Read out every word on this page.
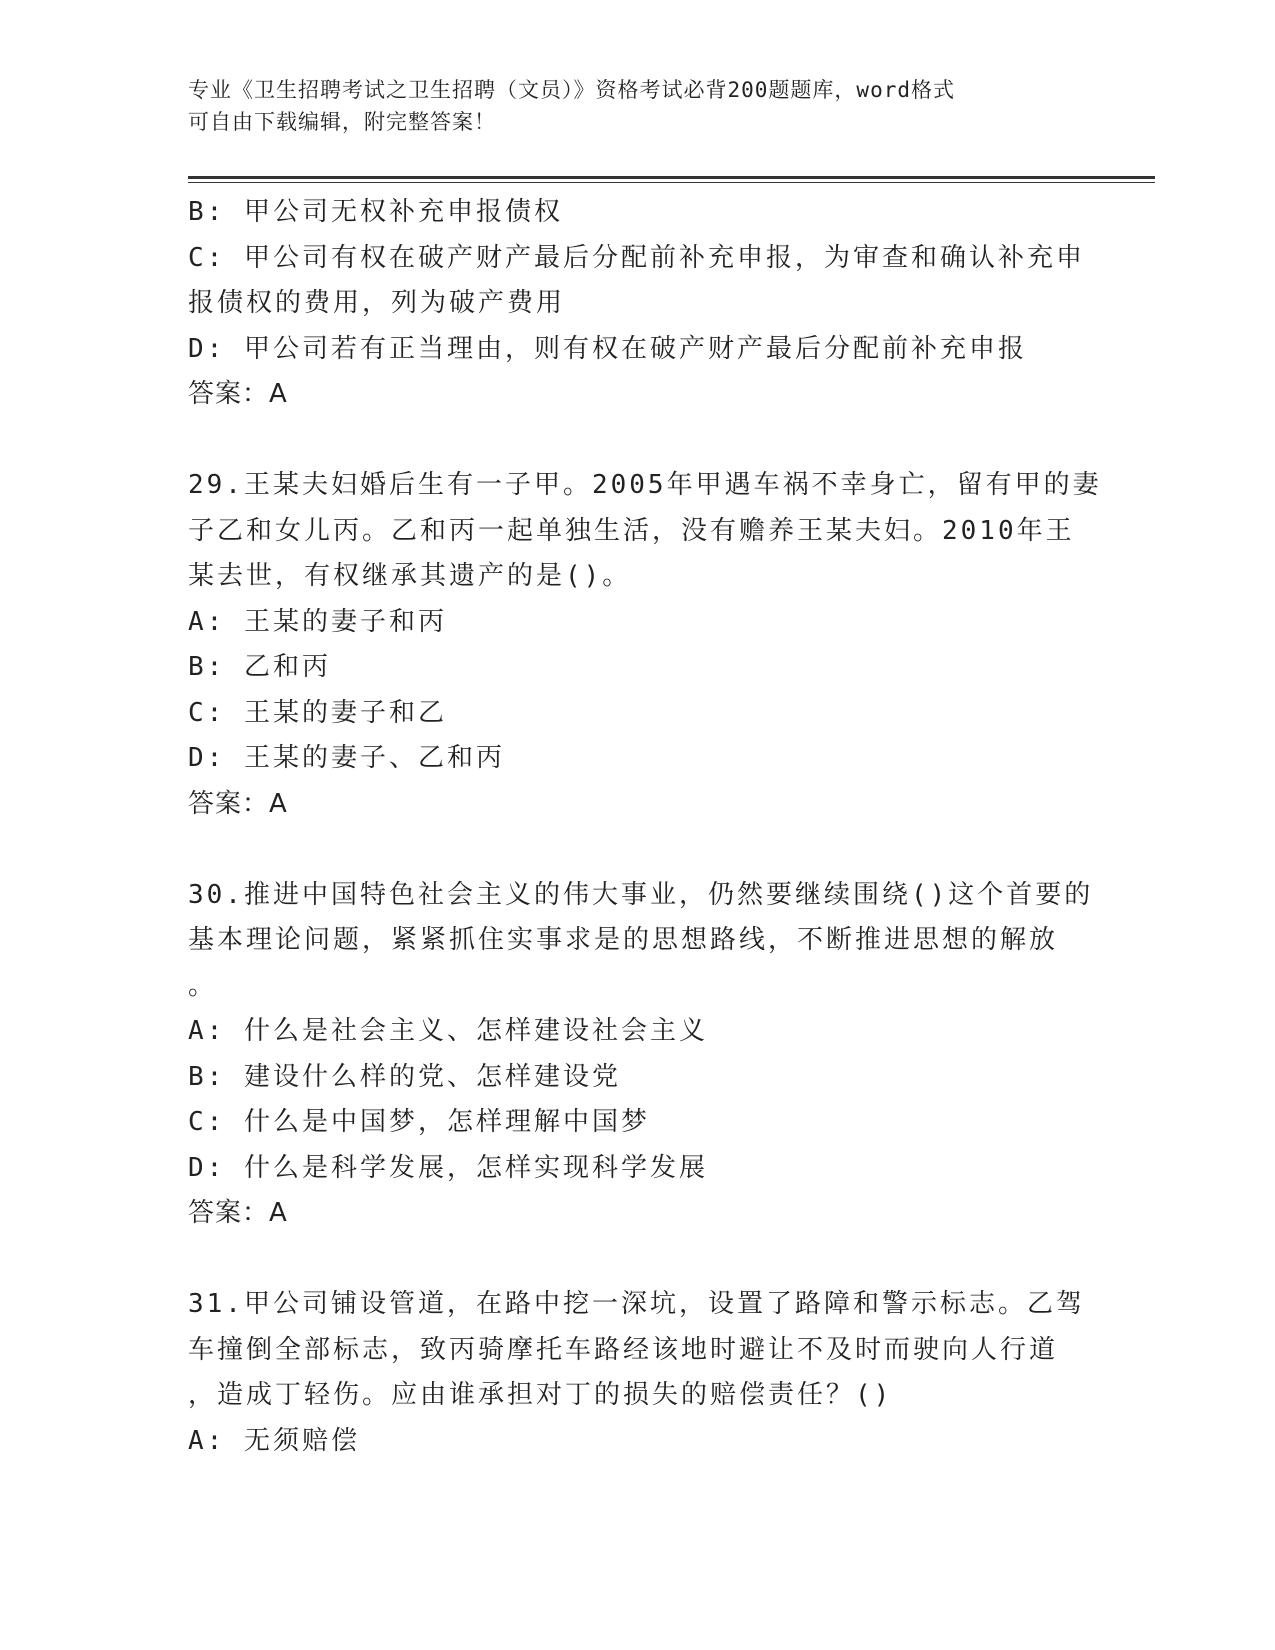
专业《卫生招聘考试之卫生招聘（文员）》资格考试必背200题题库，word格式
可自由下载编辑，附完整答案！
B: 甲公司无权补充申报债权
C: 甲公司有权在破产财产最后分配前补充申报，为审查和确认补充申
报债权的费用，列为破产费用
D: 甲公司若有正当理由，则有权在破产财产最后分配前补充申报
答案：A
29.王某夫妇婚后生有一子甲。2005年甲遇车祸不幸身亡，留有甲的妻
子乙和女儿丙。乙和丙一起单独生活，没有赡养王某夫妇。2010年王
某去世，有权继承其遗产的是()。
A: 王某的妻子和丙
B: 乙和丙
C: 王某的妻子和乙
D: 王某的妻子、乙和丙
答案：A
30.推进中国特色社会主义的伟大事业，仍然要继续围绕()这个首要的
基本理论问题，紧紧抓住实事求是的思想路线，不断推进思想的解放
。
A: 什么是社会主义、怎样建设社会主义
B: 建设什么样的党、怎样建设党
C: 什么是中国梦，怎样理解中国梦
D: 什么是科学发展，怎样实现科学发展
答案：A
31.甲公司铺设管道，在路中挖一深坑，设置了路障和警示标志。乙驾
车撞倒全部标志，致丙骑摩托车路经该地时避让不及时而驶向人行道
，造成丁轻伤。应由谁承担对丁的损失的赔偿责任？()
A: 无须赔偿
